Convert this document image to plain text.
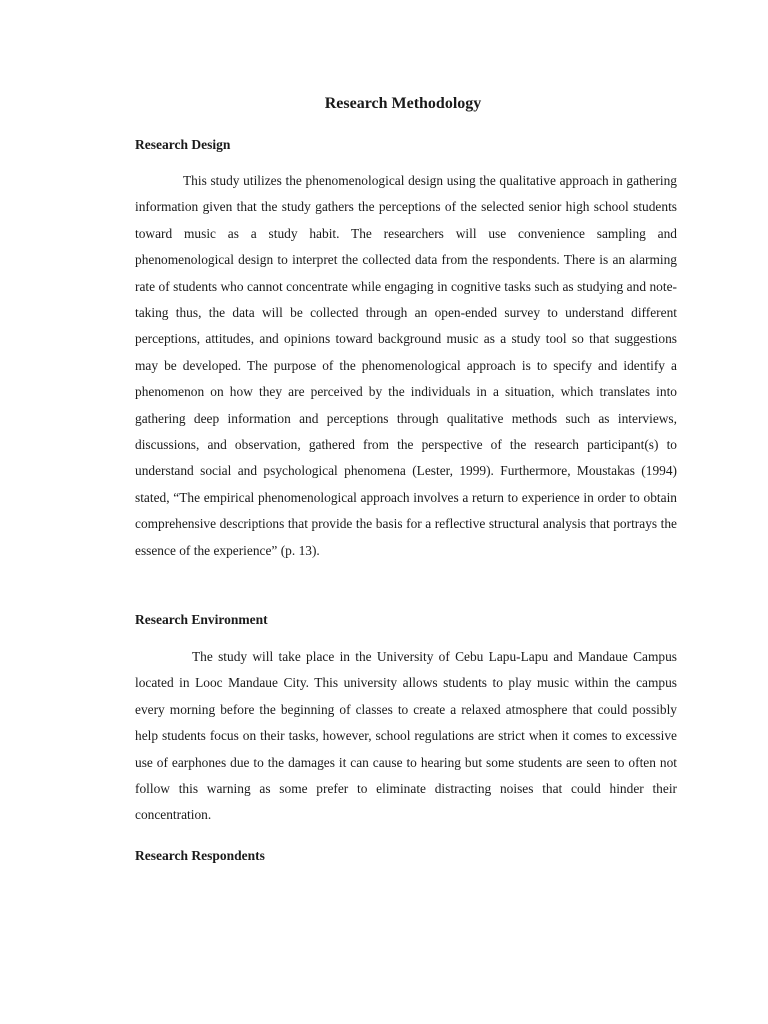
Research Methodology
Research Design

This study utilizes the phenomenological design using the qualitative approach in gathering information given that the study gathers the perceptions of the selected senior high school students toward music as a study habit. The researchers will use convenience sampling and phenomenological design to interpret the collected data from the respondents. There is an alarming rate of students who cannot concentrate while engaging in cognitive tasks such as studying and note-taking thus, the data will be collected through an open-ended survey to understand different perceptions, attitudes, and opinions toward background music as a study tool so that suggestions may be developed. The purpose of the phenomenological approach is to specify and identify a phenomenon on how they are perceived by the individuals in a situation, which translates into gathering deep information and perceptions through qualitative methods such as interviews, discussions, and observation, gathered from the perspective of the research participant(s) to understand social and psychological phenomena (Lester, 1999). Furthermore, Moustakas (1994) stated, “The empirical phenomenological approach involves a return to experience in order to obtain comprehensive descriptions that provide the basis for a reflective structural analysis that portrays the essence of the experience” (p. 13).

Research Environment

The study will take place in the University of Cebu Lapu-Lapu and Mandaue Campus located in Looc Mandaue City. This university allows students to play music within the campus every morning before the beginning of classes to create a relaxed atmosphere that could possibly help students focus on their tasks, however, school regulations are strict when it comes to excessive use of earphones due to the damages it can cause to hearing but some students are seen to often not follow this warning as some prefer to eliminate distracting noises that could hinder their concentration.

Research Respondents
